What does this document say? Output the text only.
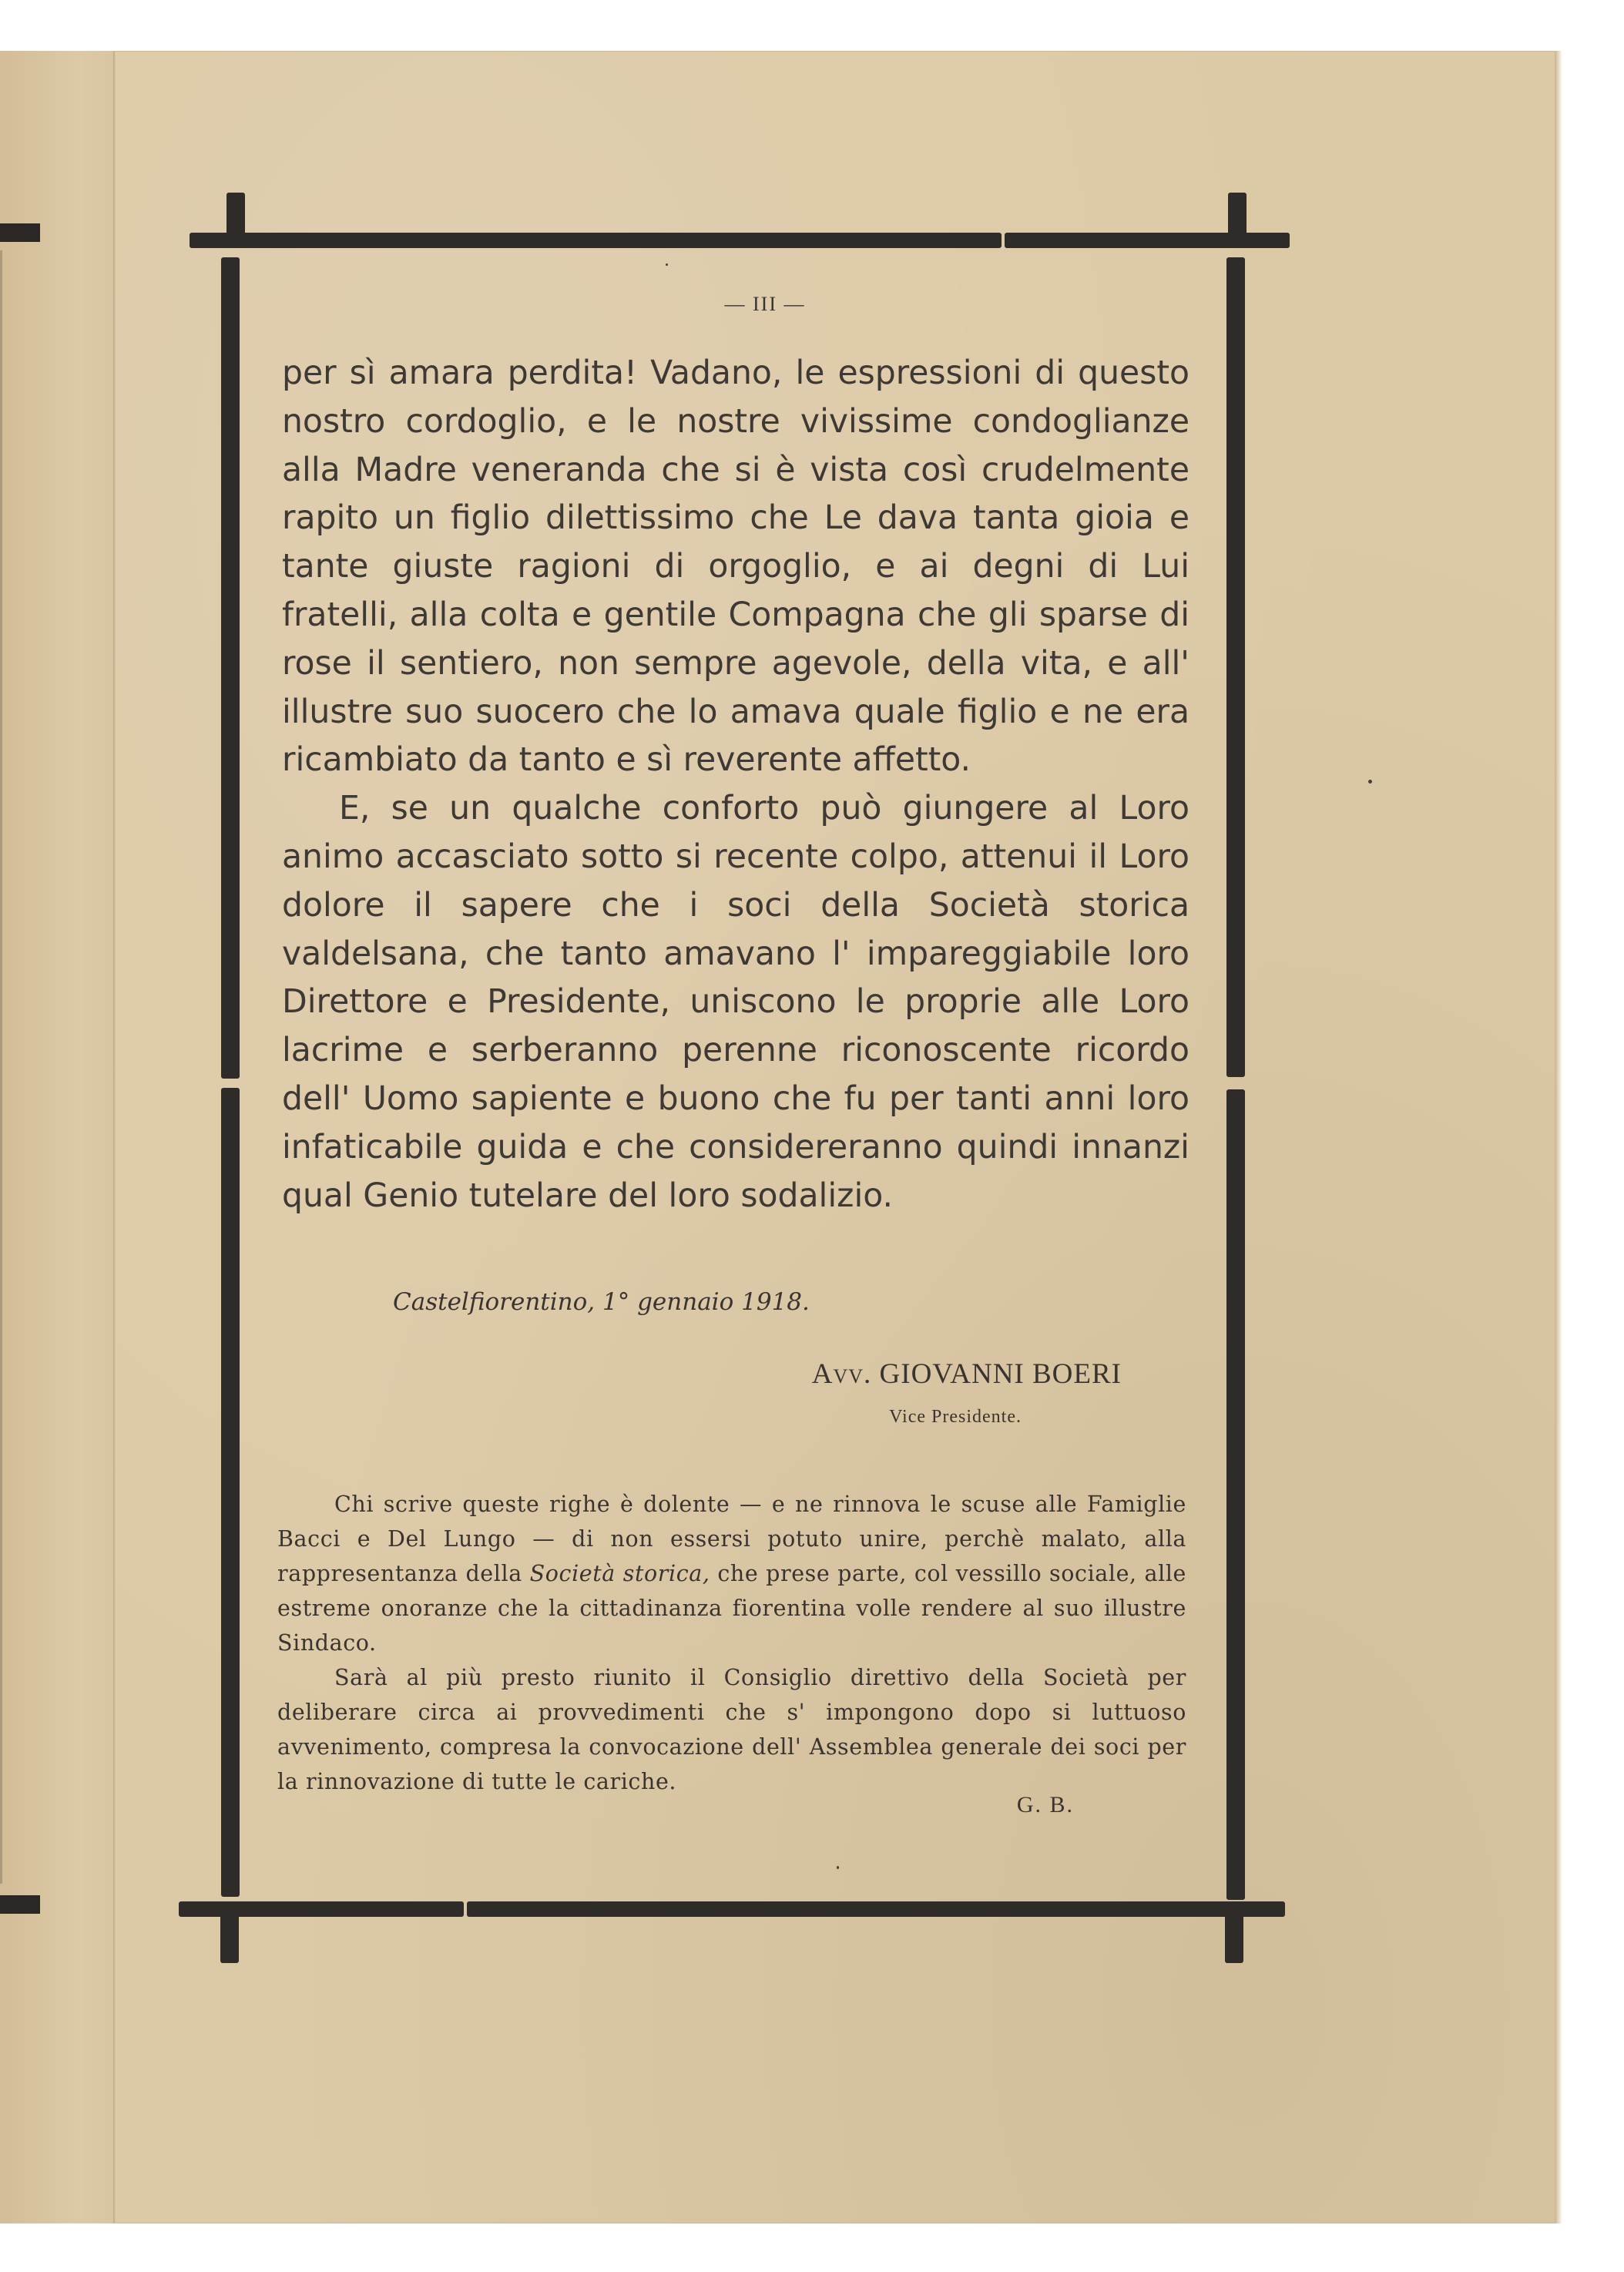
— III —

per sì amara perdita! Vadano, le espressioni di questo nostro cordoglio, e le nostre vivissime condoglianze alla Madre veneranda che si è vista così crudelmente rapito un figlio dilettissimo che Le dava tanta gioia e tante giuste ragioni di orgoglio, e ai degni di Lui fratelli, alla colta e gentile Compagna che gli sparse di rose il sentiero, non sempre agevole, della vita, e all' illustre suo suocero che lo amava quale figlio e ne era ricambiato da tanto e sì reverente affetto.

E, se un qualche conforto può giungere al Loro animo accasciato sotto si recente colpo, attenui il Loro dolore il sapere che i soci della Società storica valdelsana, che tanto amavano l' impareggiabile loro Direttore e Presidente, uniscono le proprie alle Loro lacrime e serberanno perenne riconoscente ricordo dell' Uomo sapiente e buono che fu per tanti anni loro infaticabile guida e che considereranno quindi innanzi qual Genio tutelare del loro sodalizio.

Castelfiorentino, 1° gennaio 1918.
Avv. GIOVANNI BOERI
Vice Presidente.

Chi scrive queste righe è dolente — e ne rinnova le scuse alle Famiglie Bacci e Del Lungo — di non essersi potuto unire, perchè malato, alla rappresentanza della Società storica, che prese parte, col vessillo sociale, alle estreme onoranze che la cittadinanza fiorentina volle rendere al suo illustre Sindaco.

Sarà al più presto riunito il Consiglio direttivo della Società per deliberare circa ai provvedimenti che s' impongono dopo si luttuoso avvenimento, compresa la convocazione dell' Assemblea generale dei soci per la rinnovazione di tutte le cariche.

G. B.
